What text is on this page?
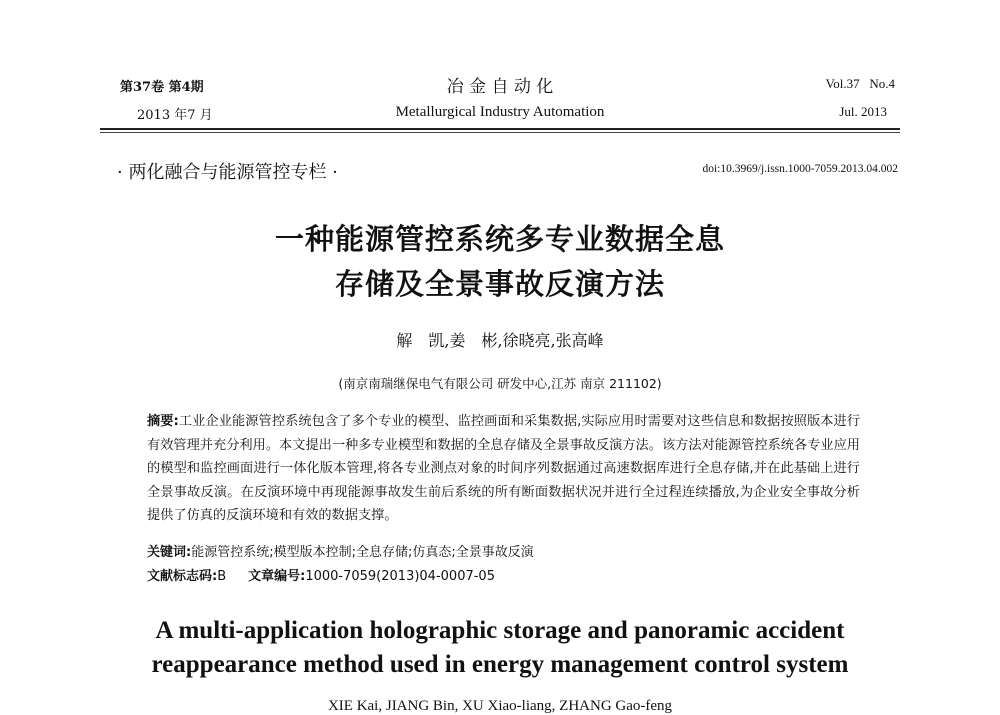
第37卷 第4期
2013 年7 月
冶 金 自 动 化
Metallurgical Industry Automation
Vol.37   No.4
Jul. 2013
· 两化融合与能源管控专栏 ·	doi:10.3969/j.issn.1000-7059.2013.04.002
一种能源管控系统多专业数据全息
存储及全景事故反演方法
解　凯,姜　彬,徐晓亮,张高峰
(南京南瑞继保电气有限公司 研发中心,江苏 南京 211102)
摘要:工业企业能源管控系统包含了多个专业的模型、监控画面和采集数据,实际应用时需要对这些信息和数据按照版本进行有效管理并充分利用。本文提出一种多专业模型和数据的全息存储及全景事故反演方法。该方法对能源管控系统各专业应用的模型和监控画面进行一体化版本管理,将各专业测点对象的时间序列数据通过高速数据库进行全息存储,并在此基础上进行全景事故反演。在反演环境中再现能源事故发生前后系统的所有断面数据状况并进行全过程连续播放,为企业安全事故分析提供了仿真的反演环境和有效的数据支撑。
关键词:能源管控系统;模型版本控制;全息存储;仿真态;全景事故反演
文献标志码:B 文章编号:1000-7059(2013)04-0007-05
A multi-application holographic storage and panoramic accident
reappearance method used in energy management control system
XIE Kai, JIANG Bin, XU Xiao-liang, ZHANG Gao-feng
